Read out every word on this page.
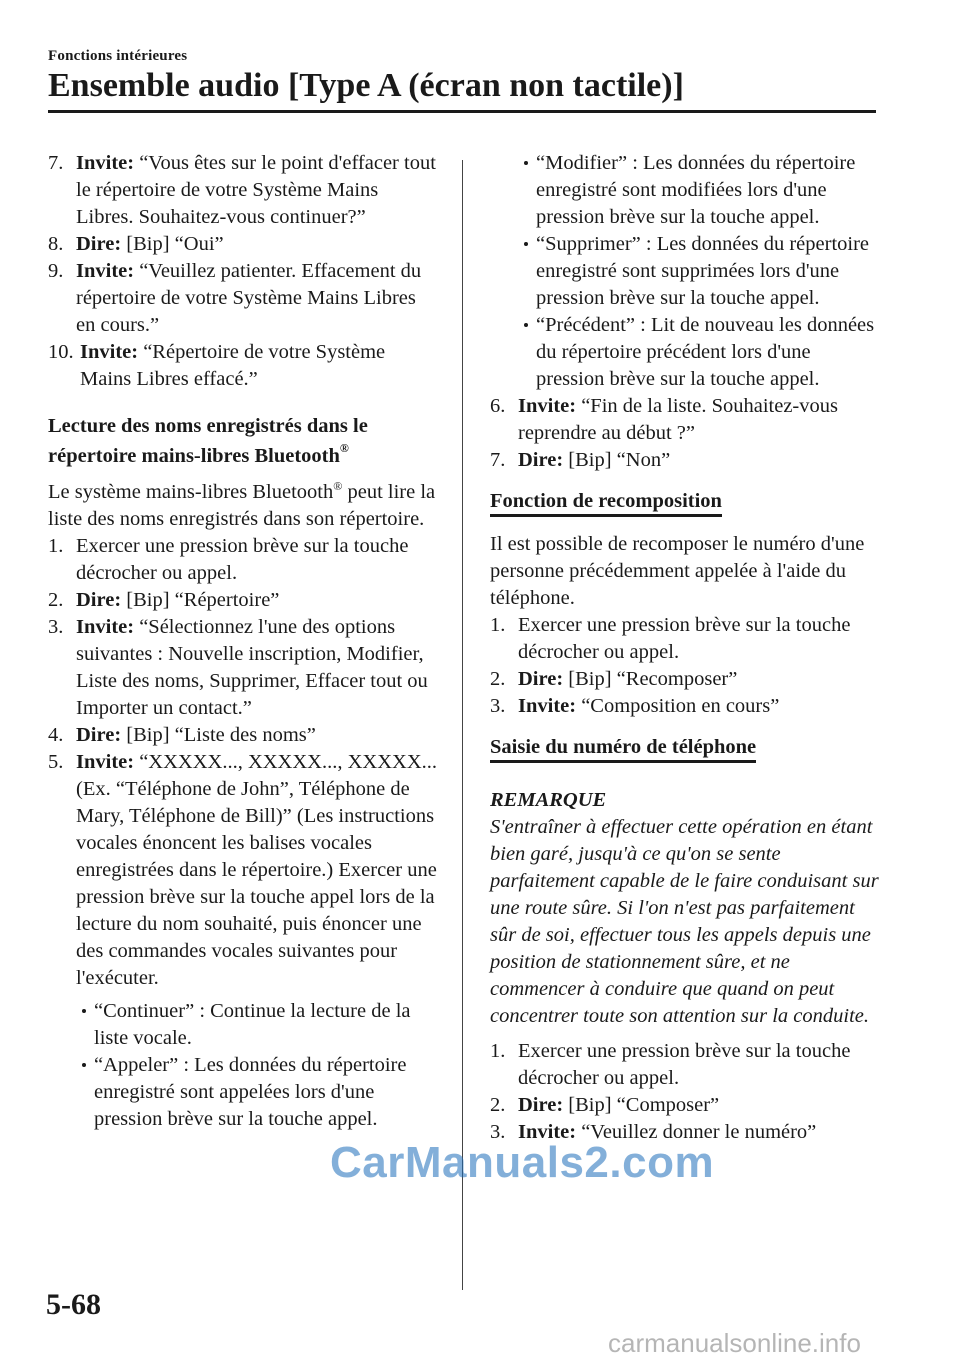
Fonctions intérieures
Ensemble audio [Type A (écran non tactile)]

7. Invite: “Vous êtes sur le point d'effacer tout le répertoire de votre Système Mains Libres. Souhaitez-vous continuer?”

8. Dire: [Bip] “Oui”

9. Invite: “Veuillez patienter. Effacement du répertoire de votre Système Mains Libres en cours.”

10. Invite: “Répertoire de votre Système Mains Libres effacé.”

Lecture des noms enregistrés dans le répertoire mains-libres Bluetooth®

Le système mains-libres Bluetooth® peut lire la liste des noms enregistrés dans son répertoire.

1. Exercer une pression brève sur la touche décrocher ou appel.

2. Dire: [Bip] “Répertoire”

3. Invite: “Sélectionnez l'une des options suivantes : Nouvelle inscription, Modifier, Liste des noms, Supprimer, Effacer tout ou Importer un contact.”

4. Dire: [Bip] “Liste des noms”

5. Invite: “XXXXX..., XXXXX..., XXXXX... (Ex. “Téléphone de John”, Téléphone de Mary, Téléphone de Bill)” (Les instructions vocales énoncent les balises vocales enregistrées dans le répertoire.) Exercer une pression brève sur la touche appel lors de la lecture du nom souhaité, puis énoncer une des commandes vocales suivantes pour l'exécuter.

“Continuer” : Continue la lecture de la liste vocale.

“Appeler” : Les données du répertoire enregistré sont appelées lors d'une pression brève sur la touche appel.

“Modifier” : Les données du répertoire enregistré sont modifiées lors d'une pression brève sur la touche appel.

“Supprimer” : Les données du répertoire enregistré sont supprimées lors d'une pression brève sur la touche appel.

“Précédent” : Lit de nouveau les données du répertoire précédent lors d'une pression brève sur la touche appel.

6. Invite: “Fin de la liste. Souhaitez-vous reprendre au début ?”

7. Dire: [Bip] “Non”

Fonction de recomposition

Il est possible de recomposer le numéro d'une personne précédemment appelée à l'aide du téléphone.

1. Exercer une pression brève sur la touche décrocher ou appel.

2. Dire: [Bip] “Recomposer”

3. Invite: “Composition en cours”

Saisie du numéro de téléphone

REMARQUE

S'entraîner à effectuer cette opération en étant bien garé, jusqu'à ce qu'on se sente parfaitement capable de le faire conduisant sur une route sûre. Si l'on n'est pas parfaitement sûr de soi, effectuer tous les appels depuis une position de stationnement sûre, et ne commencer à conduire que quand on peut concentrer toute son attention sur la conduite.

1. Exercer une pression brève sur la touche décrocher ou appel.

2. Dire: [Bip] “Composer”

3. Invite: “Veuillez donner le numéro”

5-68
CarManuals2.com
carmanualsonline.info
